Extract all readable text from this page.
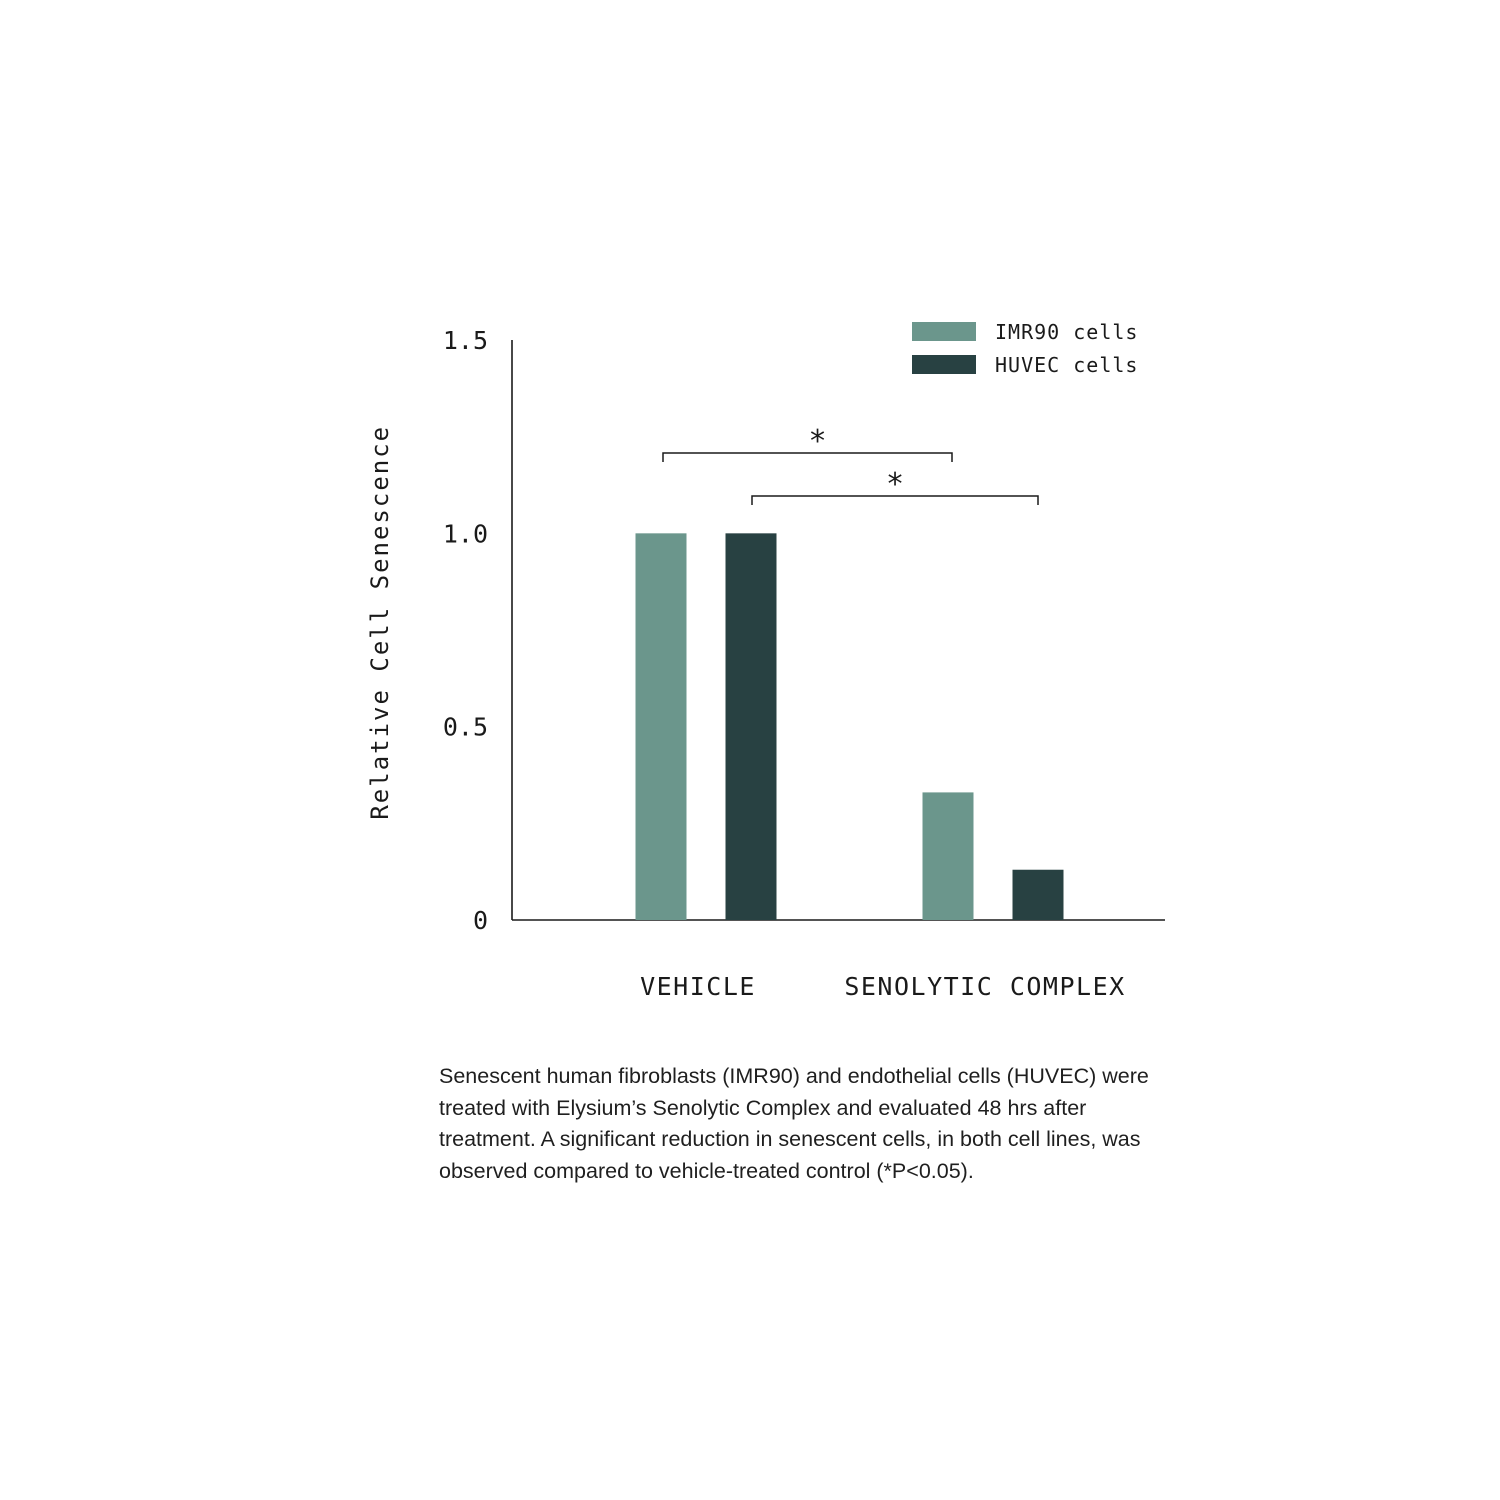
*
*
IMR90 cells
HUVEC cells
0
0.5
1.0
1.5
Relative Cell Senescence
VEHICLE	SENOLYTIC COMPLEX
Senescent human fibroblasts (IMR90) and endothelial cells (HUVEC) were treated with Elysium’s Senolytic Complex and evaluated 48 hrs after treatment. A significant reduction in senescent cells, in both cell lines, was observed compared to vehicle-treated control (*P<0.05).
